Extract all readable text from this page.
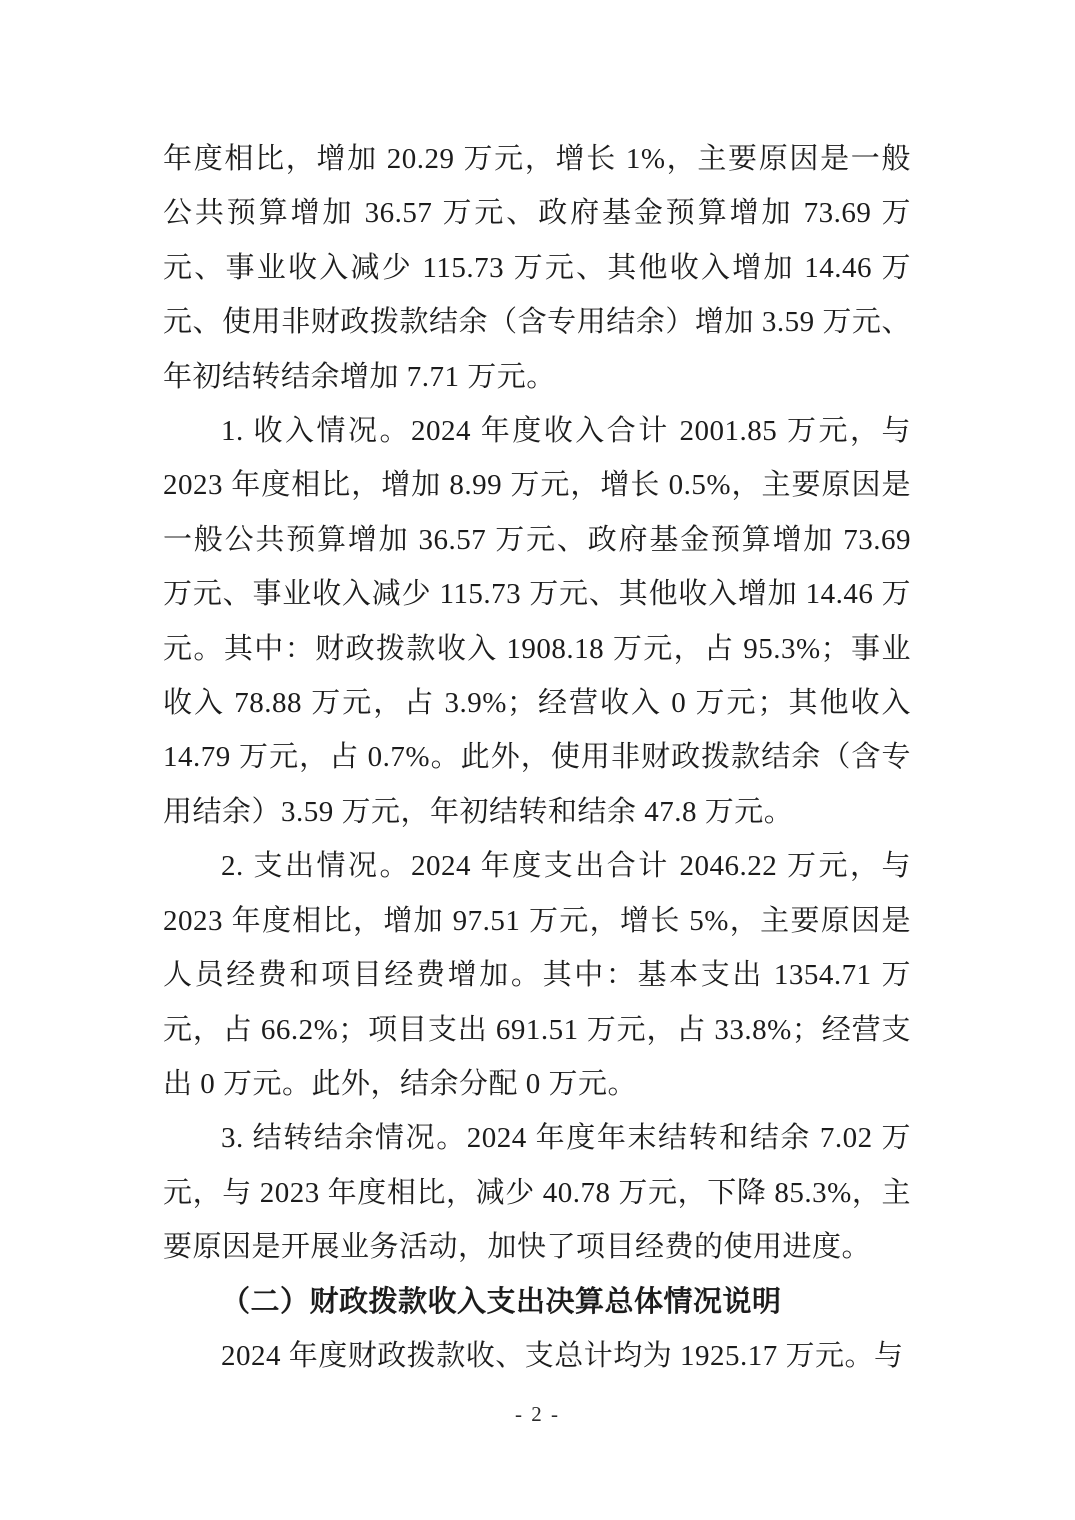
年度相比，增加 20.29 万元，增长 1%，主要原因是一般公共预算增加 36.57 万元、政府基金预算增加 73.69 万元、事业收入减少 115.73 万元、其他收入增加 14.46 万元、使用非财政拨款结余（含专用结余）增加 3.59 万元、年初结转结余增加 7.71 万元。

1. 收入情况。2024 年度收入合计 2001.85 万元，与 2023 年度相比，增加 8.99 万元，增长 0.5%，主要原因是一般公共预算增加 36.57 万元、政府基金预算增加 73.69 万元、事业收入减少 115.73 万元、其他收入增加 14.46 万元。其中：财政拨款收入 1908.18 万元，占 95.3%；事业收入 78.88 万元，占 3.9%；经营收入 0 万元；其他收入 14.79 万元，占 0.7%。此外，使用非财政拨款结余（含专用结余）3.59 万元，年初结转和结余 47.8 万元。

2. 支出情况。2024 年度支出合计 2046.22 万元，与 2023 年度相比，增加 97.51 万元，增长 5%，主要原因是人员经费和项目经费增加。其中：基本支出 1354.71 万元，占 66.2%；项目支出 691.51 万元，占 33.8%；经营支出 0 万元。此外，结余分配 0 万元。

3. 结转结余情况。2024 年度年末结转和结余 7.02 万元，与 2023 年度相比，减少 40.78 万元，下降 85.3%，主要原因是开展业务活动，加快了项目经费的使用进度。

（二）财政拨款收入支出决算总体情况说明

2024 年度财政拨款收、支总计均为 1925.17 万元。与

- 2 -
